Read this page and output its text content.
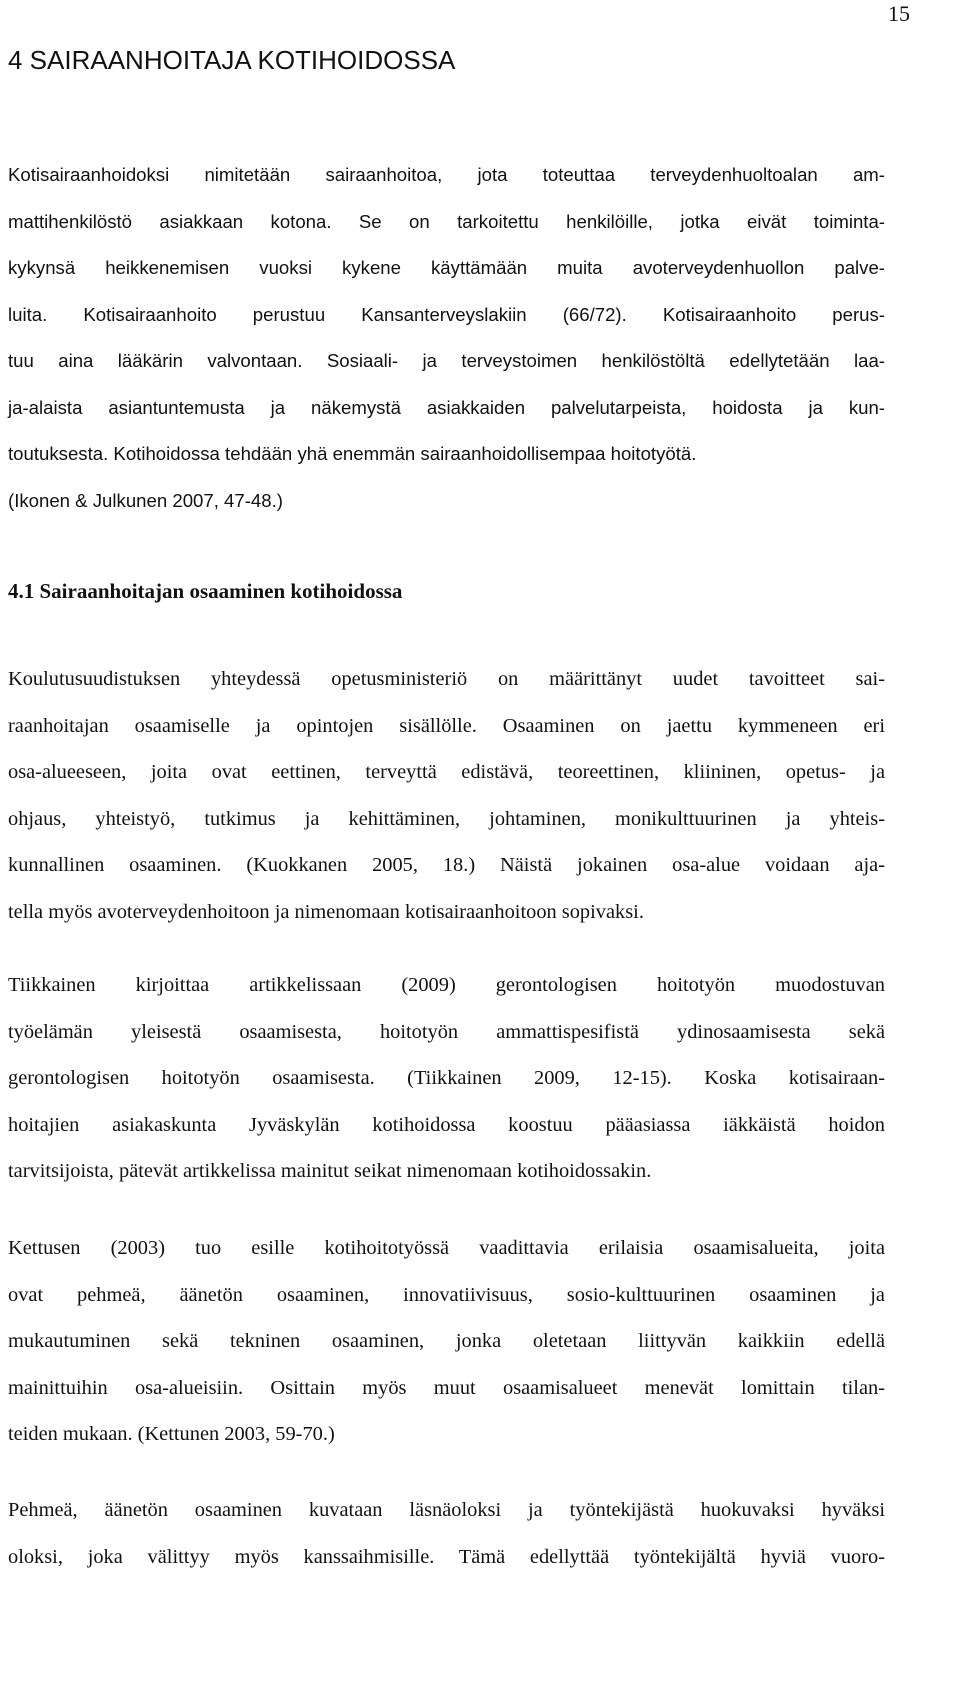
15
4 SAIRAANHOITAJA KOTIHOIDOSSA
Kotisairaanhoidoksi nimitetään sairaanhoitoa, jota toteuttaa terveydenhuoltoalan am-
mattihenkilöstö asiakkaan kotona. Se on tarkoitettu henkilöille, jotka eivät toiminta-
kykynsä heikkenemisen vuoksi kykene käyttämään muita avoterveydenhuollon palve-
luita. Kotisairaanhoito perustuu Kansanterveyslakiin (66/72). Kotisairaanhoito perus-
tuu aina lääkärin valvontaan. Sosiaali- ja terveystoimen henkilöstöltä edellytetään laa-
ja-alaista asiantuntemusta ja näkemystä asiakkaiden palvelutarpeista, hoidosta ja kun-
toutuksesta. Kotihoidossa tehdään yhä enemmän sairaanhoidollisempaa hoitotyötä.
(Ikonen & Julkunen 2007, 47-48.)
4.1 Sairaanhoitajan osaaminen kotihoidossa
Koulutusuudistuksen yhteydessä opetusministeriö on määrittänyt uudet tavoitteet sai-
raanhoitajan osaamiselle ja opintojen sisällölle. Osaaminen on jaettu kymmeneen eri
osa-alueeseen, joita ovat eettinen, terveyttä edistävä, teoreettinen, kliininen, opetus- ja
ohjaus, yhteistyö, tutkimus ja kehittäminen, johtaminen, monikulttuurinen ja yhteis-
kunnallinen osaaminen. (Kuokkanen 2005, 18.) Näistä jokainen osa-alue voidaan aja-
tella myös avoterveydenhoitoon ja nimenomaan kotisairaanhoitoon sopivaksi.
Tiikkainen kirjoittaa artikkelissaan (2009) gerontologisen hoitotyön muodostuvan
työelämän yleisestä osaamisesta, hoitotyön ammattispesifistä ydinosaamisesta sekä
gerontologisen hoitotyön osaamisesta. (Tiikkainen 2009, 12-15). Koska kotisairaan-
hoitajien asiakaskunta Jyväskylän kotihoidossa koostuu pääasiassa iäkkäistä hoidon
tarvitsijoista, pätevät artikkelissa mainitut seikat nimenomaan kotihoidossakin.
Kettusen (2003) tuo esille kotihoitotyössä vaadittavia erilaisia osaamisalueita, joita
ovat pehmeä, äänetön osaaminen, innovatiivisuus, sosio-kulttuurinen osaaminen ja
mukautuminen sekä tekninen osaaminen, jonka oletetaan liittyvän kaikkiin edellä
mainittuihin osa-alueisiin. Osittain myös muut osaamisalueet menevät lomittain tilan-
teiden mukaan. (Kettunen 2003, 59-70.)
Pehmeä, äänetön osaaminen kuvataan läsnäoloksi ja työntekijästä huokuvaksi hyväksi
oloksi, joka välittyy myös kanssaihmisille. Tämä edellyttää työntekijältä hyviä vuoro-
